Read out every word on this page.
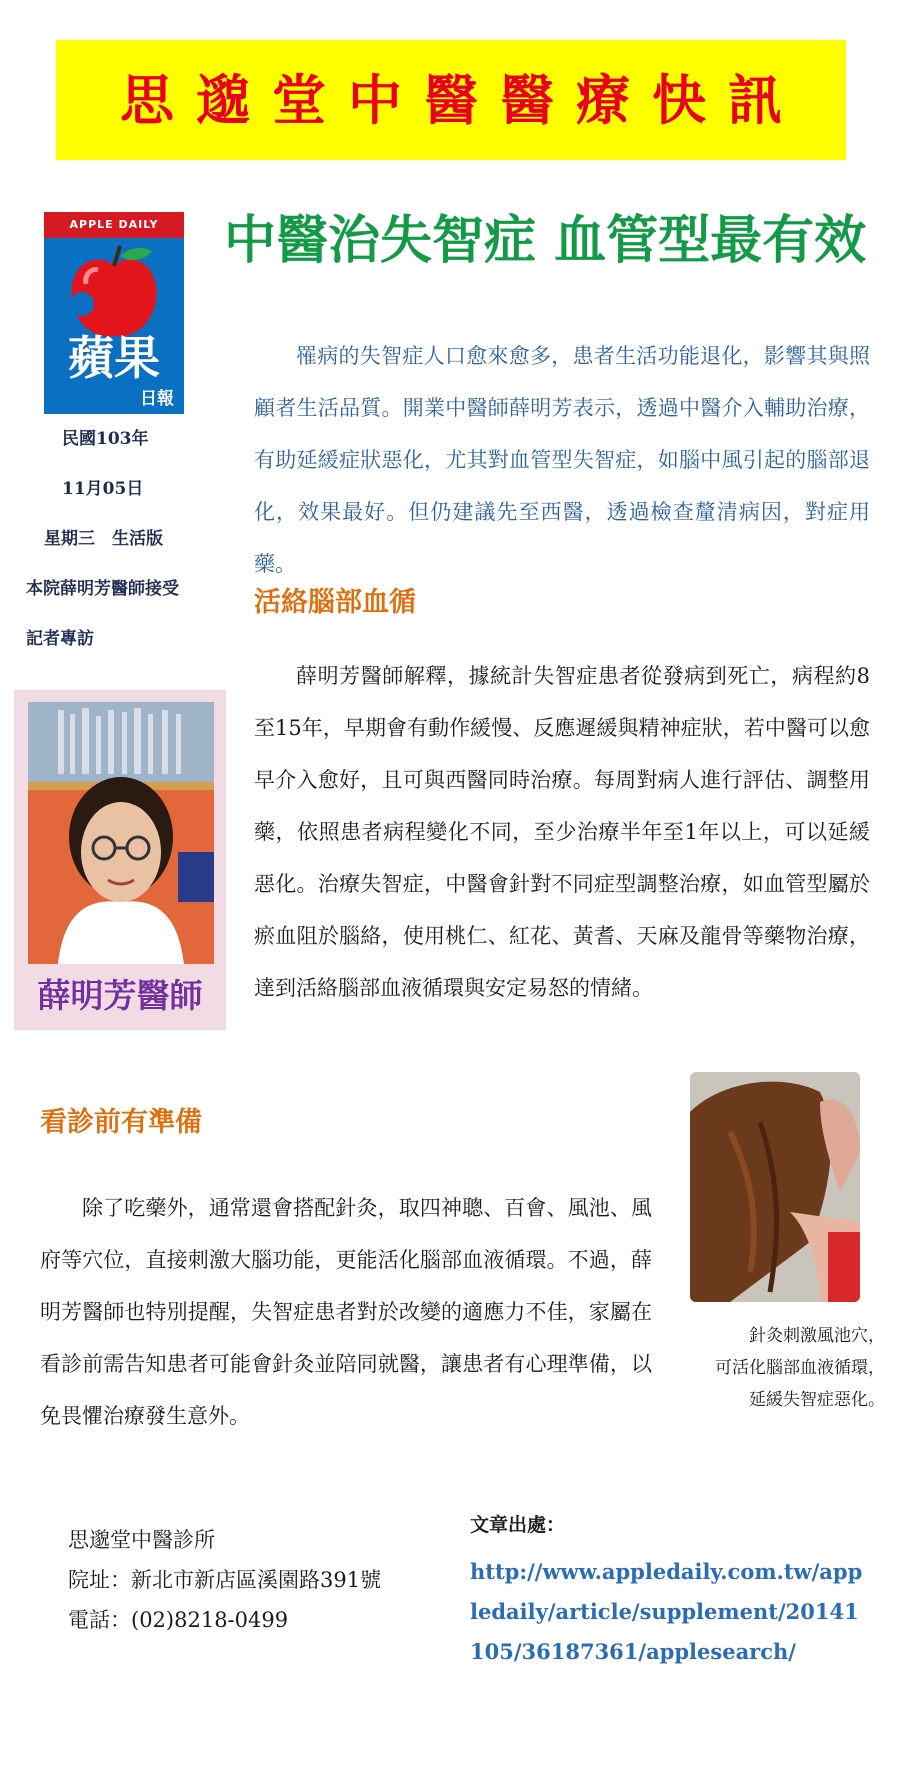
思邈堂中醫醫療快訊
APPLE DAILY
蘋果
日報
民國103年
11月05日
星期三　生活版
本院薛明芳醫師接受
記者專訪
中醫治失智症 血管型最有效
罹病的失智症人口愈來愈多，患者生活功能退化，影響其與照顧者生活品質。開業中醫師薛明芳表示，透過中醫介入輔助治療，有助延緩症狀惡化，尤其對血管型失智症，如腦中風引起的腦部退化，效果最好。但仍建議先至西醫，透過檢查釐清病因，對症用藥。
活絡腦部血循
薛明芳醫師解釋，據統計失智症患者從發病到死亡，病程約8至15年，早期會有動作緩慢、反應遲緩與精神症狀，若中醫可以愈早介入愈好，且可與西醫同時治療。每周對病人進行評估、調整用藥，依照患者病程變化不同，至少治療半年至1年以上，可以延緩惡化。治療失智症，中醫會針對不同症型調整治療，如血管型屬於瘀血阻於腦絡，使用桃仁、紅花、黃耆、天麻及龍骨等藥物治療，達到活絡腦部血液循環與安定易怒的情緒。
薛明芳醫師
看診前有準備
除了吃藥外，通常還會搭配針灸，取四神聰、百會、風池、風府等穴位，直接刺激大腦功能，更能活化腦部血液循環。不過，薛明芳醫師也特別提醒，失智症患者對於改變的適應力不佳，家屬在看診前需告知患者可能會針灸並陪同就醫，讓患者有心理準備，以免畏懼治療發生意外。
針灸刺激風池穴，
可活化腦部血液循環，
延緩失智症惡化。
思邈堂中醫診所
院址：新北市新店區溪園路391號
電話：(02)8218-0499
文章出處：
http://www.appledaily.com.tw/appledaily/article/supplement/20141105/36187361/applesearch/
